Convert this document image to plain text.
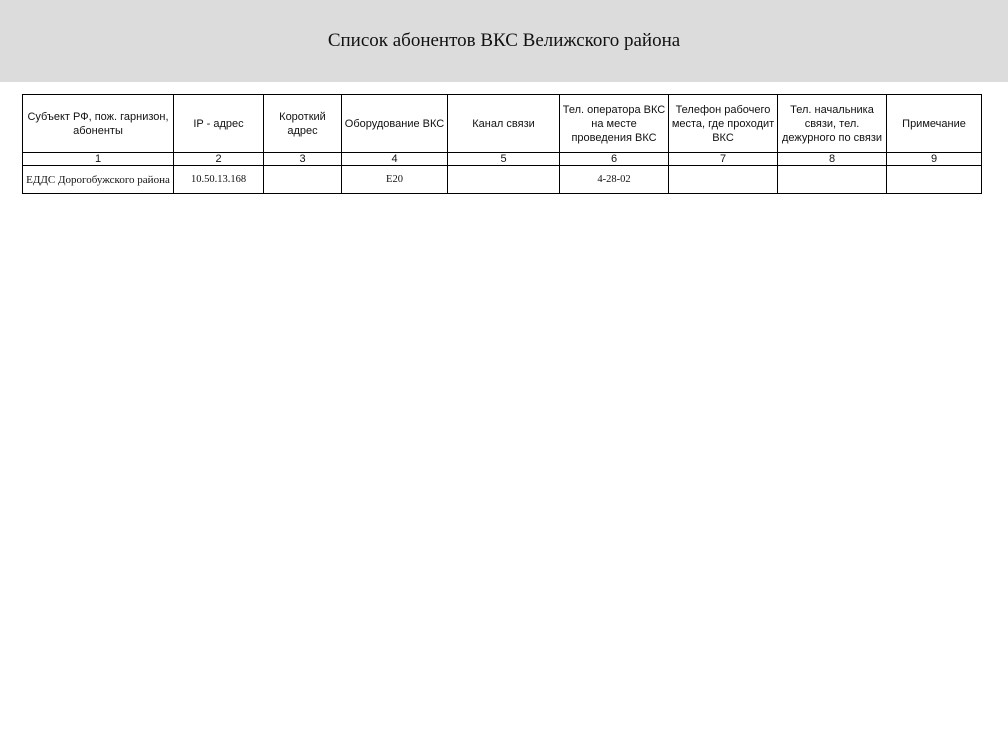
Список абонентов ВКС Велижского района
Субъект РФ, пож. гарнизон, абоненты	IP - адрес	Короткий адрес	Оборудование ВКС	Канал связи	Тел. оператора ВКС на месте проведения ВКС	Телефон рабочего места, где проходит ВКС	Тел. начальника связи, тел. дежурного по связи	Примечание
1	2	3	4	5	6	7	8	9
ЕДДС Дорогобужского района	10.50.13.168		E20		4-28-02			
